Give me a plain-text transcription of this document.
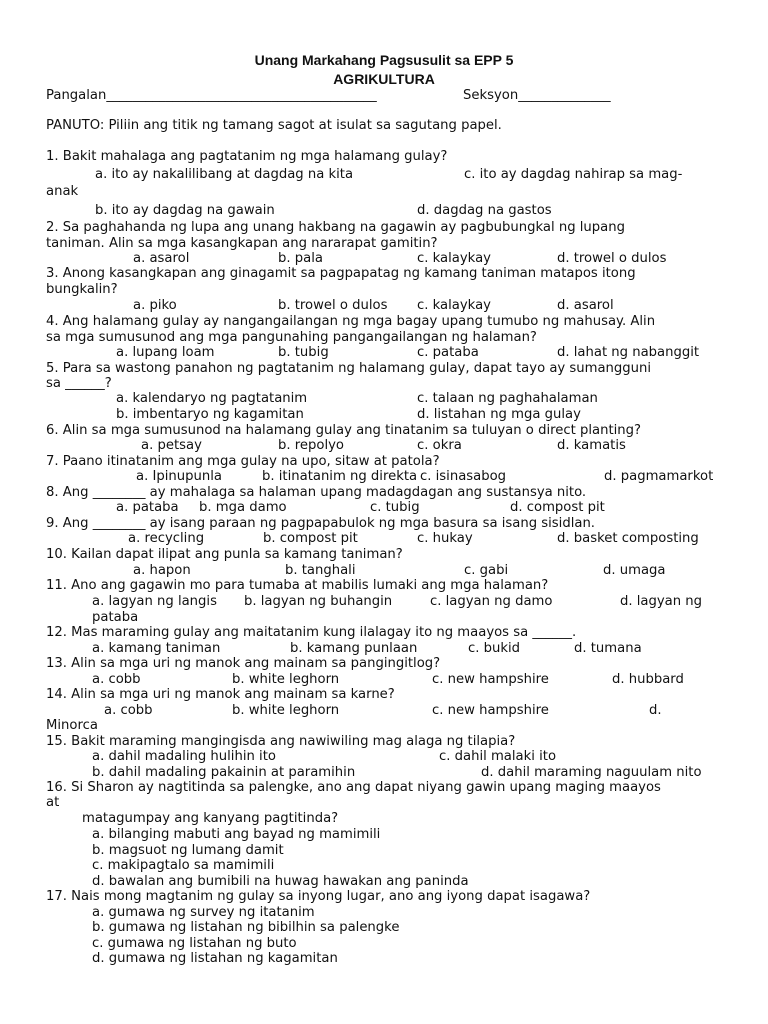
Unang Markahang Pagsusulit sa EPP 5
AGRIKULTURA
Pangalan_________________________________________	Seksyon______________
PANUTO: Piliin ang titik ng tamang sagot at isulat sa sagutang papel.
1. Bakit mahalaga ang pagtatanim ng mga halamang gulay?
a. ito ay nakalilibang at dagdag na kita	c. ito ay dagdag nahirap sa mag-
anak
b. ito ay dagdag na gawain	d. dagdag na gastos
2. Sa paghahanda ng lupa ang unang hakbang na gagawin ay pagbubungkal ng lupang
taniman. Alin sa mga kasangkapan ang nararapat gamitin?
a. asarol	b. pala	c. kalaykay	d. trowel o dulos
3. Anong kasangkapan ang ginagamit sa pagpapatag ng kamang taniman matapos itong
bungkalin?
a. piko	b. trowel o dulos c. kalaykay	d. asarol
4. Ang halamang gulay ay nangangailangan ng mga bagay upang tumubo ng mahusay. Alin
sa mga sumusunod ang mga pangunahing pangangailangan ng halaman?
a. lupang loam	b. tubig	c. pataba	d. lahat ng nabanggit
5. Para sa wastong panahon ng pagtatanim ng halamang gulay, dapat tayo ay sumangguni
sa ______?
a. kalendaryo ng pagtatanim	c. talaan ng paghahalaman
b. imbentaryo ng kagamitan	d. listahan ng mga gulay
6. Alin sa mga sumusunod na halamang gulay ang tinatanim sa tuluyan o direct planting?
a. petsay	b. repolyo	c. okra	d. kamatis
7. Paano itinatanim ang mga gulay na upo, sitaw at patola?
a. Ipinupunla	b. itinatanim ng direkta c. isinasabog	d. pagmamarkot
8. Ang ________ ay mahalaga sa halaman upang madagdagan ang sustansya nito.
a. pataba b. mga damo	c. tubig	d. compost pit
9. Ang ________ ay isang paraan ng pagpapabulok ng mga basura sa isang sisidlan.
a. recycling	b. compost pit	c. hukay	d. basket composting
10. Kailan dapat ilipat ang punla sa kamang taniman?
a. hapon	b. tanghali	c. gabi	d. umaga
11. Ano ang gagawin mo para tumaba at mabilis lumaki ang mga halaman?
a. lagyan ng langis b. lagyan ng buhangin	c. lagyan ng damo	d. lagyan ng
pataba
12. Mas maraming gulay ang maitatanim kung ilalagay ito ng maayos sa ______.
a. kamang taniman	b. kamang punlaan	c. bukid	d. tumana
13. Alin sa mga uri ng manok ang mainam sa pangingitlog?
a. cobb	b. white leghorn	c. new hampshire	d. hubbard
14. Alin sa mga uri ng manok ang mainam sa karne?
a. cobb	b. white leghorn	c. new hampshire	d.
Minorca
15. Bakit maraming mangingisda ang nawiwiling mag alaga ng tilapia?
a. dahil madaling hulihin ito	c. dahil malaki ito
b. dahil madaling pakainin at paramihin	d. dahil maraming naguulam nito
16. Si Sharon ay nagtitinda sa palengke, ano ang dapat niyang gawin upang maging maayos
at
matagumpay ang kanyang pagtitinda?
a. bilanging mabuti ang bayad ng mamimili
b. magsuot ng lumang damit
c. makipagtalo sa mamimili
d. bawalan ang bumibili na huwag hawakan ang paninda
17. Nais mong magtanim ng gulay sa inyong lugar, ano ang iyong dapat isagawa?
a. gumawa ng survey ng itatanim
b. gumawa ng listahan ng bibilhin sa palengke
c. gumawa ng listahan ng buto
d. gumawa ng listahan ng kagamitan
